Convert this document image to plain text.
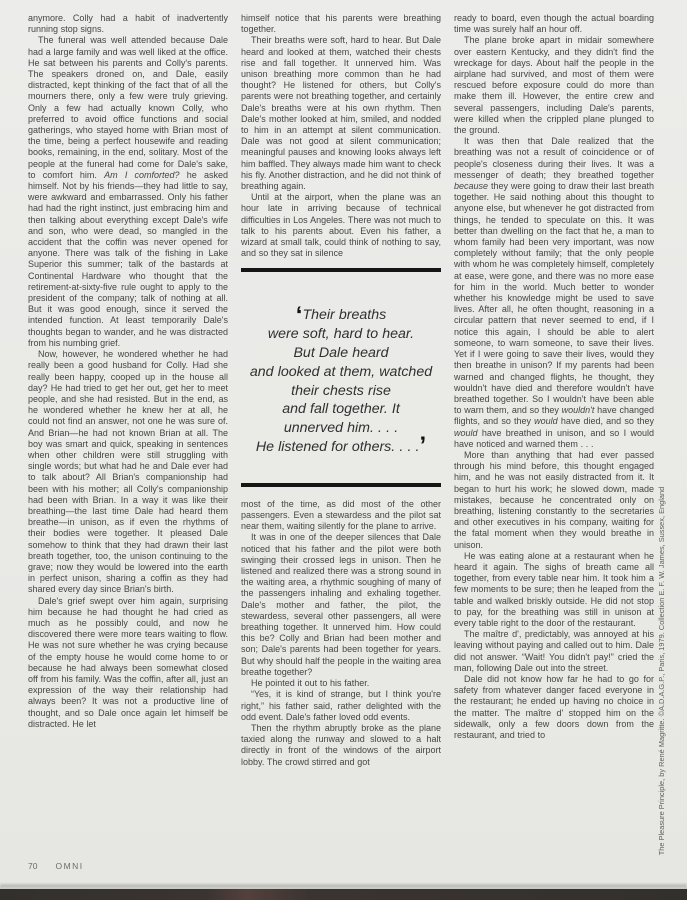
anymore. Colly had a habit of inadvertently running stop signs.

The funeral was well attended because Dale had a large family and was well liked at the office. He sat between his parents and Colly's parents. The speakers droned on, and Dale, easily distracted, kept thinking of the fact that of all the mourners there, only a few were truly grieving. Only a few had actually known Colly, who preferred to avoid office functions and social gatherings, who stayed home with Brian most of the time, being a perfect housewife and reading books, remaining, in the end, solitary. Most of the people at the funeral had come for Dale's sake, to comfort him. Am I comforted? he asked himself. Not by his friends—they had little to say, were awkward and embarrassed. Only his father had had the right instinct, just embracing him and then talking about everything except Dale's wife and son, who were dead, so mangled in the accident that the coffin was never opened for anyone. There was talk of the fishing in Lake Superior this summer; talk of the bastards at Continental Hardware who thought that the retirement-at-sixty-five rule ought to apply to the president of the company; talk of nothing at all. But it was good enough, since it served the intended function. At least temporarily Dale's thoughts began to wander, and he was distracted from his numbing grief.

Now, however, he wondered whether he had really been a good husband for Colly. Had she really been happy, cooped up in the house all day? He had tried to get her out, get her to meet people, and she had resisted. But in the end, as he wondered whether he knew her at all, he could not find an answer, not one he was sure of. And Brian—he had not known Brian at all. The boy was smart and quick, speaking in sentences when other children were still struggling with single words; but what had he and Dale ever had to talk about? All Brian's companionship had been with his mother; all Colly's companionship had been with Brian. In a way it was like their breathing—the last time Dale had heard them breathe—in unison, as if even the rhythms of their bodies were together. It pleased Dale somehow to think that they had drawn their last breath together, too, the unison continuing to the grave; now they would be lowered into the earth in perfect unison, sharing a coffin as they had shared every day since Brian's birth.

Dale's grief swept over him again, surprising him because he had thought he had cried as much as he possibly could, and now he discovered there were more tears waiting to flow. He was not sure whether he was crying because of the empty house he would come home to or because he had always been somewhat closed off from his family. Was the coffin, after all, just an expression of the way their relationship had always been? It was not a productive line of thought, and so Dale once again let himself be distracted. He let

himself notice that his parents were breathing together.

Their breaths were soft, hard to hear. But Dale heard and looked at them, watched their chests rise and fall together. It unnerved him. Was unison breathing more common than he had thought? He listened for others, but Colly's parents were not breathing together, and certainly Dale's breaths were at his own rhythm. Then Dale's mother looked at him, smiled, and nodded to him in an attempt at silent communication. Dale was not good at silent communication; meaningful pauses and knowing looks always left him baffled. They always made him want to check his fly. Another distraction, and he did not think of breathing again.

Until at the airport, when the plane was an hour late in arriving because of technical difficulties in Los Angeles. There was not much to talk to his parents about. Even his father, a wizard at small talk, could think of nothing to say, and so they sat in silence

‘Their breaths
were soft, hard to hear.
But Dale heard
and looked at them, watched
their chests rise
and fall together. It
unnerved him. . . .
He listened for others. . . .’

most of the time, as did most of the other passengers. Even a stewardess and the pilot sat near them, waiting silently for the plane to arrive.

It was in one of the deeper silences that Dale noticed that his father and the pilot were both swinging their crossed legs in unison. Then he listened and realized there was a strong sound in the waiting area, a rhythmic soughing of many of the passengers inhaling and exhaling together. Dale's mother and father, the pilot, the stewardess, several other passengers, all were breathing together. It unnerved him. How could this be? Colly and Brian had been mother and son; Dale's parents had been together for years. But why should half the people in the waiting area breathe together?

He pointed it out to his father.

“Yes, it is kind of strange, but I think you're right,” his father said, rather delighted with the odd event. Dale's father loved odd events.

Then the rhythm abruptly broke as the plane taxied along the runway and slowed to a halt directly in front of the windows of the airport lobby. The crowd stirred and got

ready to board, even though the actual boarding time was surely half an hour off.

The plane broke apart in midair somewhere over eastern Kentucky, and they didn't find the wreckage for days. About half the people in the airplane had survived, and most of them were rescued before exposure could do more than make them ill. However, the entire crew and several passengers, including Dale's parents, were killed when the crippled plane plunged to the ground.

It was then that Dale realized that the breathing was not a result of coincidence or of people's closeness during their lives. It was a messenger of death; they breathed together because they were going to draw their last breath together. He said nothing about this thought to anyone else, but whenever he got distracted from things, he tended to speculate on this. It was better than dwelling on the fact that he, a man to whom family had been very important, was now completely without family; that the only people with whom he was completely himself, completely at ease, were gone, and there was no more ease for him in the world. Much better to wonder whether his knowledge might be used to save lives. After all, he often thought, reasoning in a circular pattern that never seemed to end, if I notice this again, I should be able to alert someone, to warn someone, to save their lives. Yet if I were going to save their lives, would they then breathe in unison? If my parents had been warned and changed flights, he thought, they wouldn't have died and therefore wouldn't have breathed together. So I wouldn't have been able to warn them, and so they wouldn't have changed flights, and so they would have died, and so they would have breathed in unison, and so I would have noticed and warned them . . .

More than anything that had ever passed through his mind before, this thought engaged him, and he was not easily distracted from it. It began to hurt his work; he slowed down, made mistakes, because he concentrated only on breathing, listening constantly to the secretaries and other executives in his company, waiting for the fatal moment when they would breathe in unison.

He was eating alone at a restaurant when he heard it again. The sighs of breath came all together, from every table near him. It took him a few moments to be sure; then he leaped from the table and walked briskly outside. He did not stop to pay, for the breathing was still in unison at every table right to the door of the restaurant.

The maître d', predictably, was annoyed at his leaving without paying and called out to him. Dale did not answer. “Wait! You didn't pay!” cried the man, following Dale out into the street.

Dale did not know how far he had to go for safety from whatever danger faced everyone in the restaurant; he ended up having no choice in the matter. The maître d' stopped him on the sidewalk, only a few doors down from the restaurant, and tried to

70 OMNI
The Pleasure Principle, by René Magritte. ©A.D.A.G.P., Paris, 1979. Collection E. F. W. James, Sussex, England
